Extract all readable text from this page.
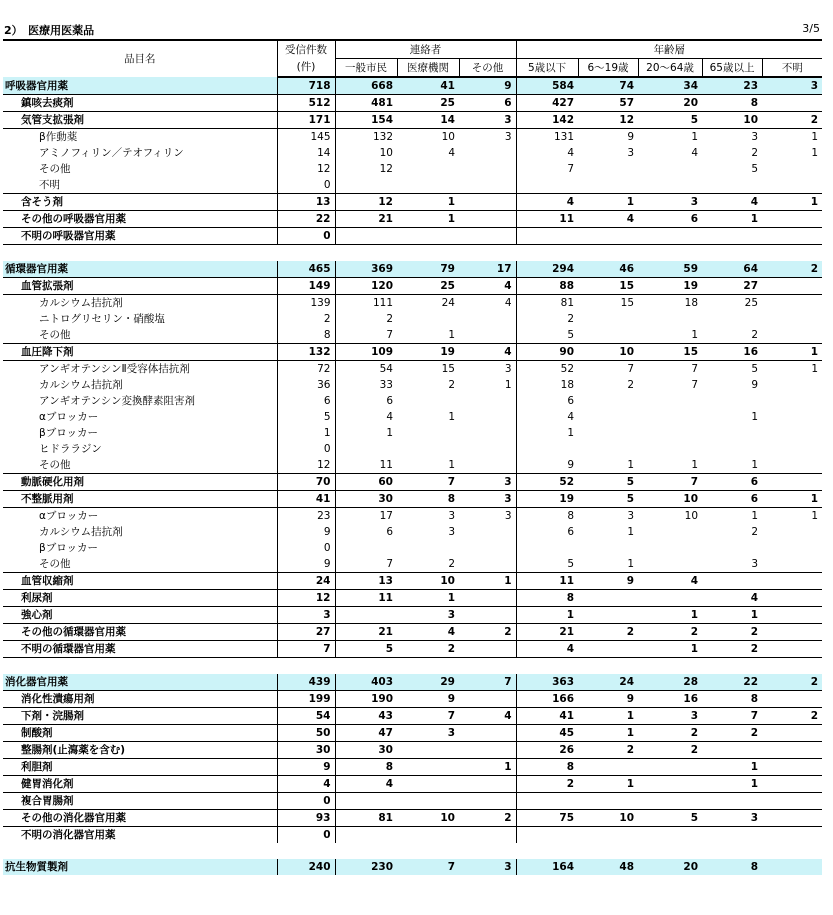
2）　医療用医薬品	3/5
品目名	受信件数	連絡者			年齢層				
	(件)	一般市民	医療機関	その他	5歳以下	6～19歳	20～64歳	65歳以上	不明
呼吸器官用薬	718	668	41	9	584	74	34	23	3
鎮咳去痰剤	512	481	25	6	427	57	20	8	
気管支拡張剤	171	154	14	3	142	12	5	10	2
β作動薬	145	132	10	3	131	9	1	3	1
アミノフィリン／テオフィリン	14	10	4		4	3	4	2	1
その他	12	12			7			5	
不明	0								
含そう剤	13	12	1		4	1	3	4	1
その他の呼吸器官用薬	22	21	1		11	4	6	1	
不明の呼吸器官用薬	0								

循環器官用薬	465	369	79	17	294	46	59	64	2
血管拡張剤	149	120	25	4	88	15	19	27	
カルシウム拮抗剤	139	111	24	4	81	15	18	25	
ニトログリセリン・硝酸塩	2	2			2				
その他	8	7	1		5		1	2	
血圧降下剤	132	109	19	4	90	10	15	16	1
アンギオテンシンⅡ受容体拮抗剤	72	54	15	3	52	7	7	5	1
カルシウム拮抗剤	36	33	2	1	18	2	7	9	
アンギオテンシン変換酵素阻害剤	6	6			6				
αブロッカー	5	4	1		4			1	
βブロッカー	1	1			1				
ヒドララジン	0								
その他	12	11	1		9	1	1	1	
動脈硬化用剤	70	60	7	3	52	5	7	6	
不整脈用剤	41	30	8	3	19	5	10	6	1
αブロッカー	23	17	3	3	8	3	10	1	1
カルシウム拮抗剤	9	6	3		6	1		2	
βブロッカー	0								
その他	9	7	2		5	1		3	
血管収縮剤	24	13	10	1	11	9	4		
利尿剤	12	11	1		8			4	
強心剤	3		3		1		1	1	
その他の循環器官用薬	27	21	4	2	21	2	2	2	
不明の循環器官用薬	7	5	2		4		1	2	

消化器官用薬	439	403	29	7	363	24	28	22	2
消化性潰瘍用剤	199	190	9		166	9	16	8	
下剤・浣腸剤	54	43	7	4	41	1	3	7	2
制酸剤	50	47	3		45	1	2	2	
整腸剤(止瀉薬を含む)	30	30			26	2	2		
利胆剤	9	8		1	8			1	
健胃消化剤	4	4			2	1		1	
複合胃腸剤	0								
その他の消化器官用薬	93	81	10	2	75	10	5	3	
不明の消化器官用薬	0								

抗生物質製剤	240	230	7	3	164	48	20	8	
